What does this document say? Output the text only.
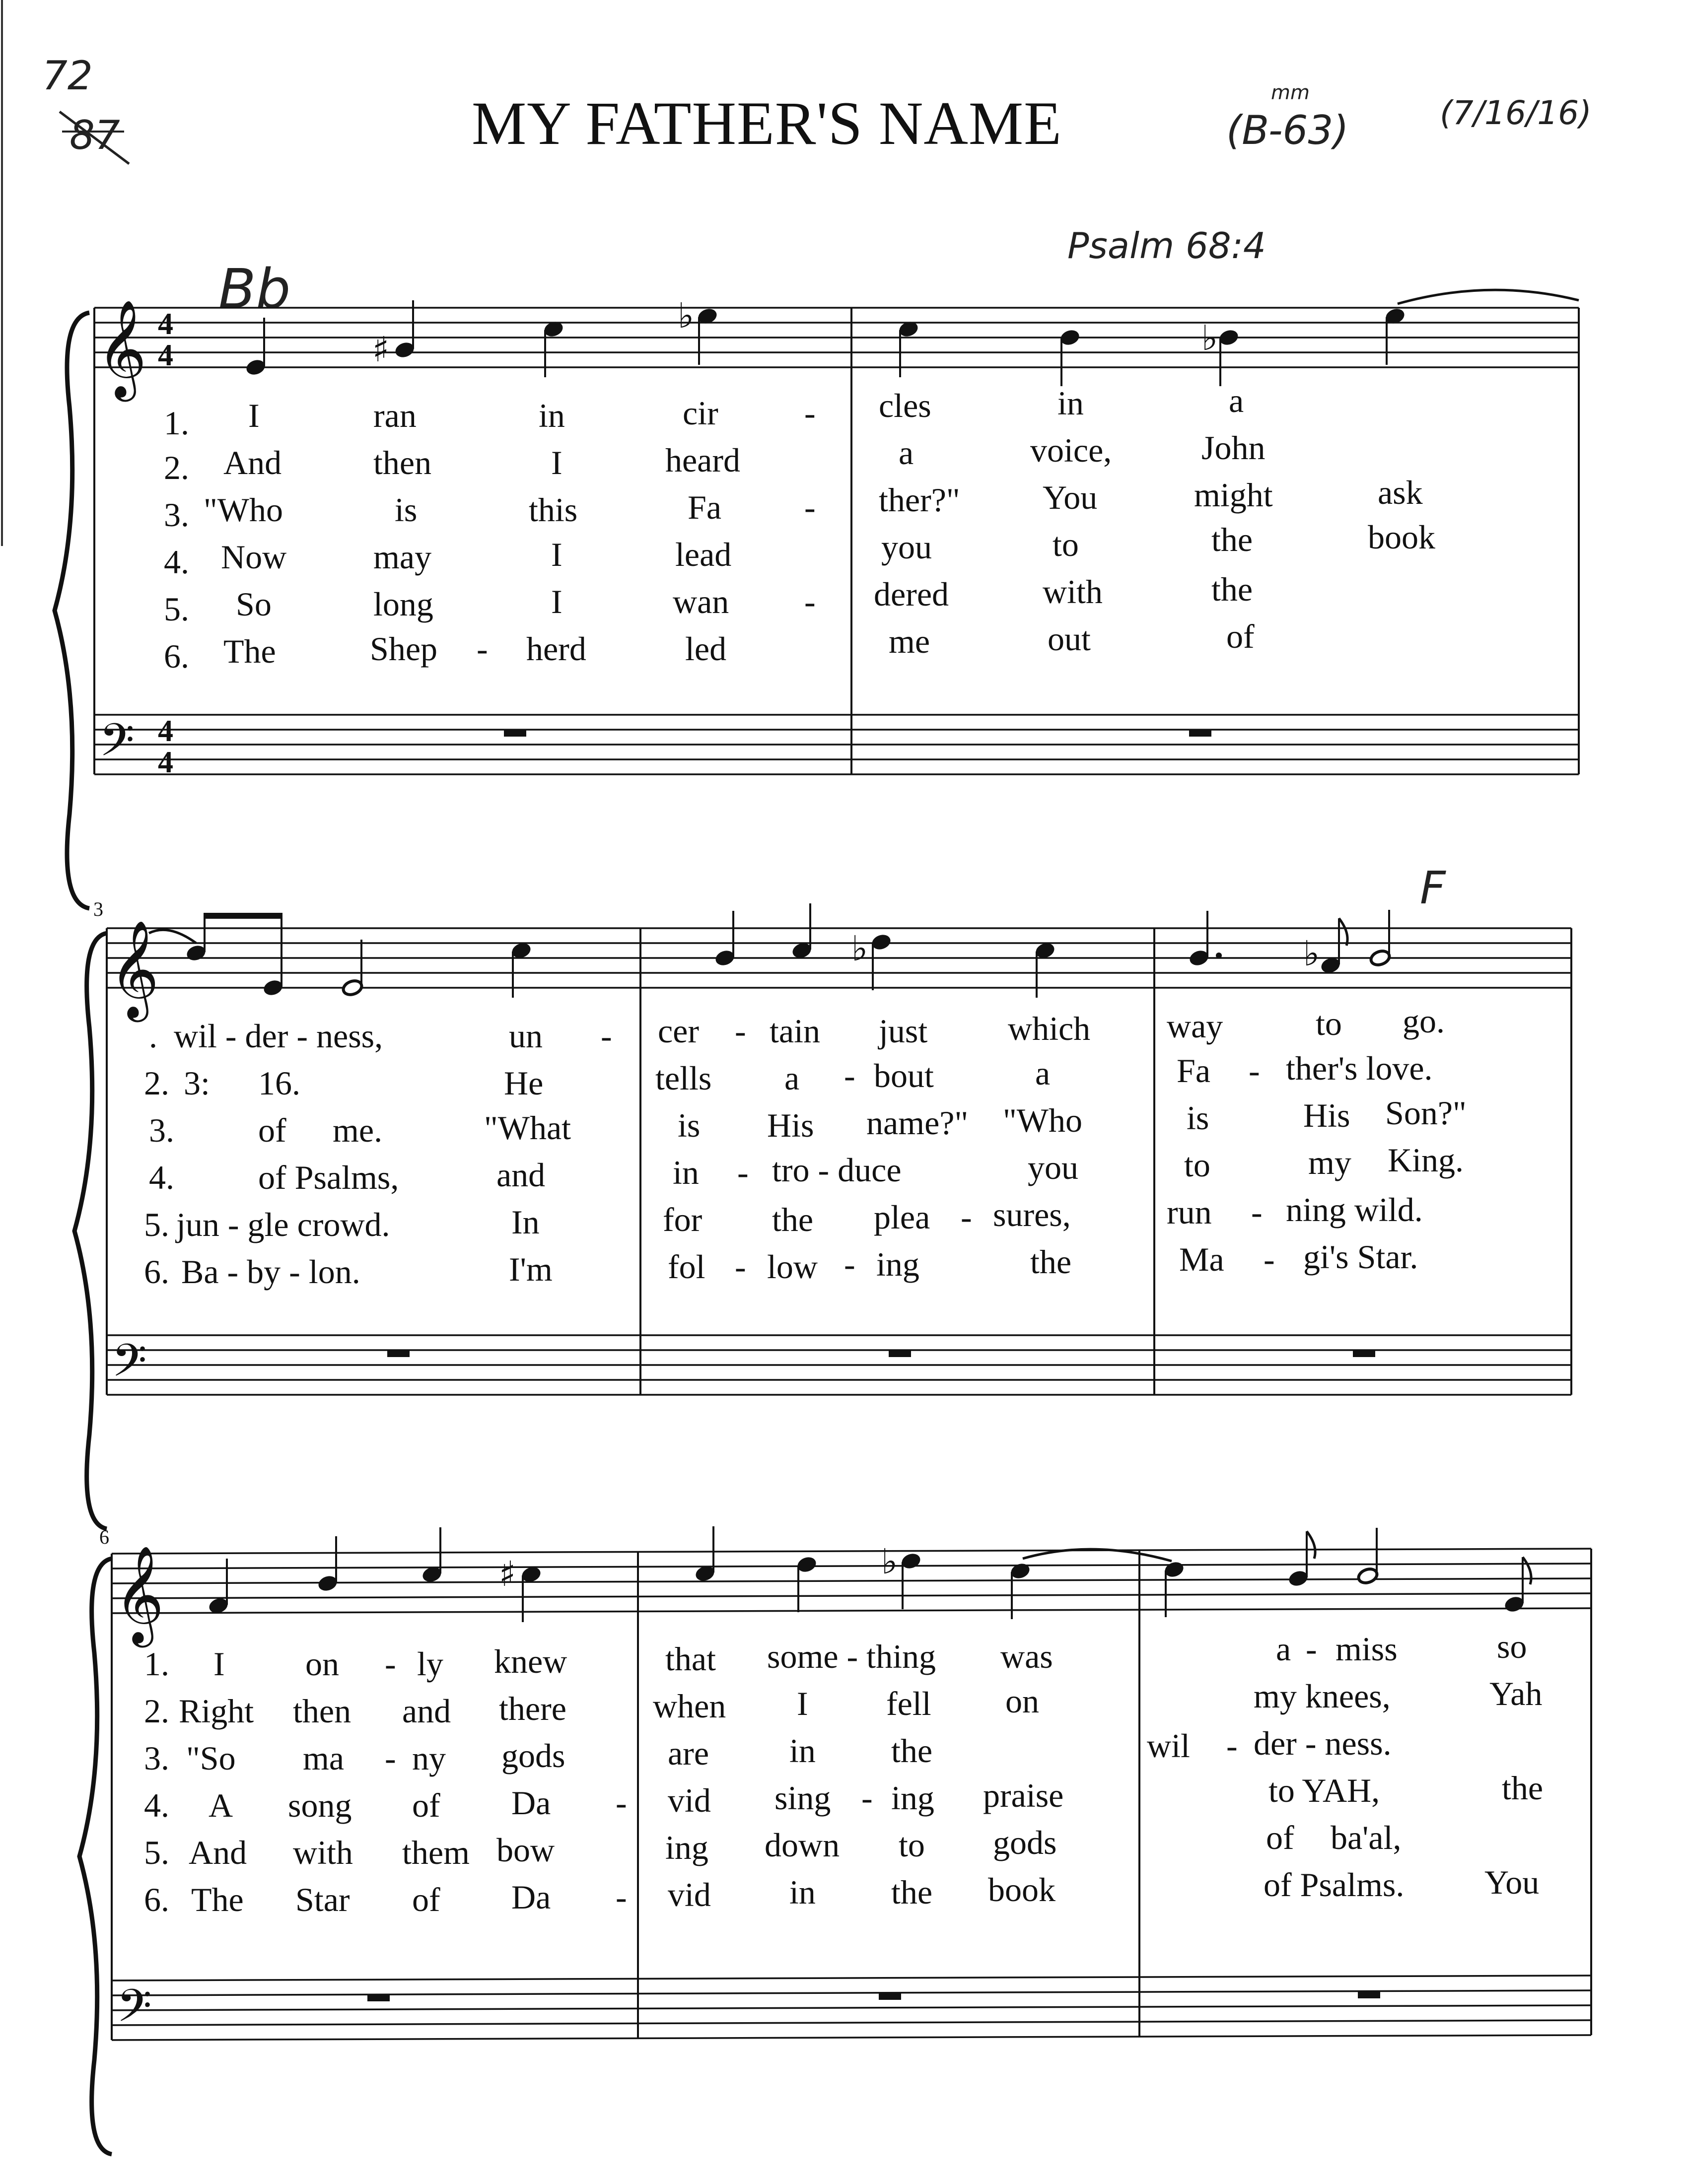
72
87	MY FATHER'S NAME	(B-63)
mm
(7/16/16)
Psalm 68:4
Bb
𝄞
𝄢
4
4
4
4
♯
♭
♭
1.
2.
3.
4.
5.
6.
I	ran	in	cir	- cles	in	a
And	then	I	heard	a	voice,	John
"Who	is	this	Fa - ther?" You	might	ask
Now	may	I	lead	you	to	the	book
So	long	I	wan - dered	with	the
The	Shep - herd	led	me	out	of
3	F
𝄞
𝄢
♭	♭
.
2.
3.
4.
5.
6.
wil - der - ness,	un - cer - tain just which way	to go.
3: 16.	He	tells a - bout	a	Fa - ther's love.
of me.	"What	is His name?" "Who	is	His Son?"
of Psalms,	and	in - tro - duce	you	to	my King.
jun - gle crowd.	In	for the plea - sures,	run - ning wild.
Ba - by - lon.	I'm	fol - low - ing	the	Ma - gi's Star.
6
𝄞
𝄢
♯	♭
1.
2.
3.
4.
5.
6.
I on - ly knew	that some - thing was	a - miss	so
Right then and there	when I fell on	my knees,	Yah
"So ma - ny gods	are in the	wil - der - ness.
A song of Da - vid sing - ing praise	to YAH,	the
And with them bow	ing down to gods	of ba'al,
The Star of Da - vid in the book	of Psalms. You
